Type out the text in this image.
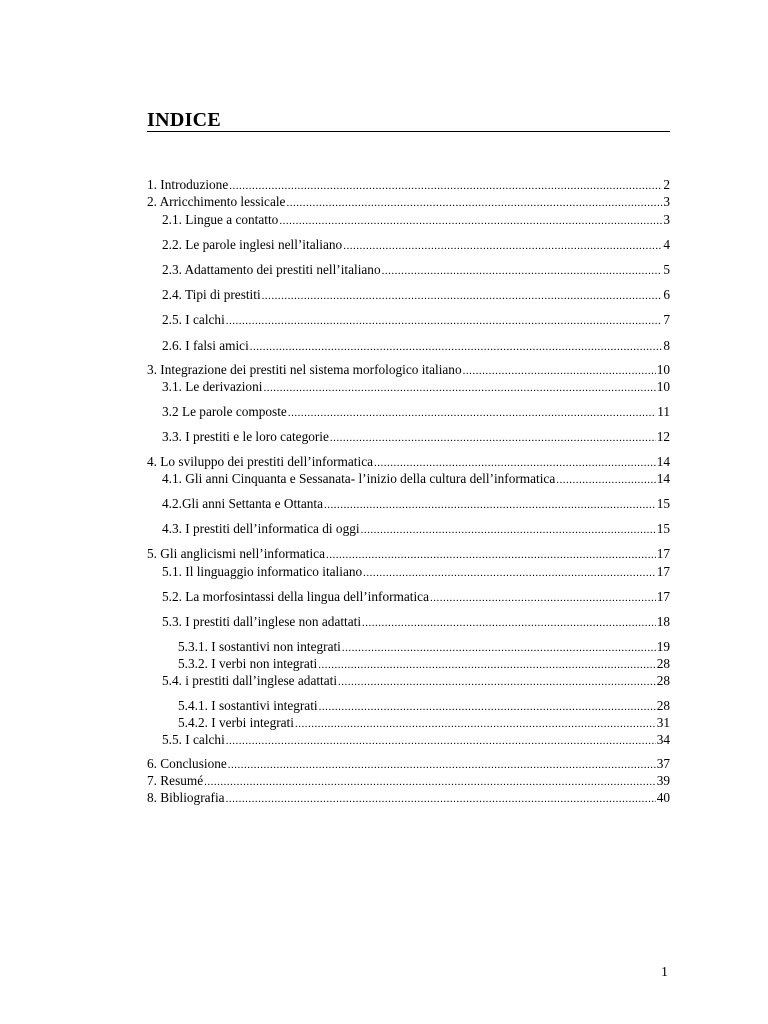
INDICE
1. Introduzione .....	2
2. Arricchimento lessicale .....	3
2.1. Lingue a contatto .....	3
2.2. Le parole inglesi nell’italiano .....	4
2.3. Adattamento dei prestiti nell’italiano .....	5
2.4. Tipi di prestiti .....	6
2.5. I calchi .....	7
2.6. I falsi amici .....	8
3. Integrazione dei prestiti nel sistema morfologico italiano .....	10
3.1. Le derivazioni .....	10
3.2 Le parole composte .....	11
3.3. I prestiti e le loro categorie .....	12
4. Lo sviluppo dei prestiti dell’informatica .....	14
4.1. Gli anni Cinquanta e Sessanata- l’inizio della cultura dell’informatica .....	14
4.2.Gli anni Settanta e Ottanta .....	15
4.3. I prestiti dell’informatica di oggi .....	15
5. Gli anglicismi nell’informatica .....	17
5.1. Il linguaggio informatico italiano .....	17
5.2. La morfosintassi della lingua dell’informatica .....	17
5.3. I prestiti dall’inglese non adattati .....	18
5.3.1. I sostantivi non integrati .....	19
5.3.2. I verbi non integrati .....	28
5.4. i prestiti dall’inglese adattati .....	28
5.4.1. I sostantivi integrati .....	28
5.4.2. I verbi integrati .....	31
5.5. I calchi .....	34
6. Conclusione .....	37
7. Resumé .....	39
8. Bibliografia .....	40
1
